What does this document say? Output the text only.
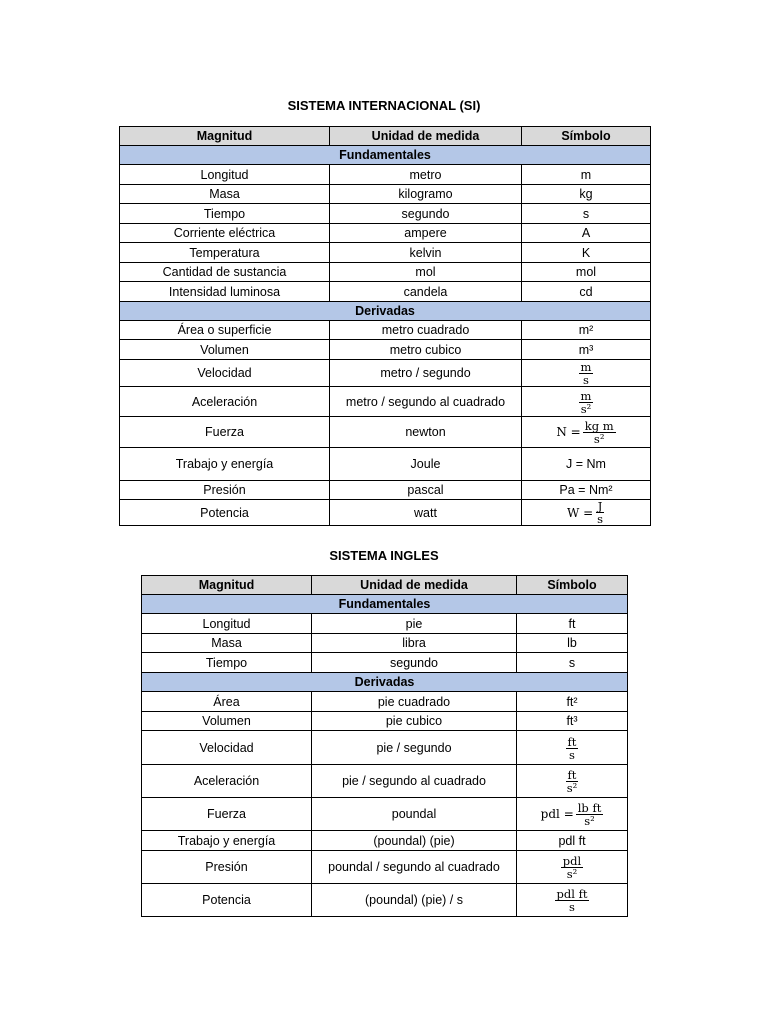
SISTEMA INTERNACIONAL (SI)
Magnitud	Unidad de medida	Símbolo
Fundamentales		
Longitud	metro	m
Masa	kilogramo	kg
Tiempo	segundo	s
Corriente eléctrica	ampere	A
Temperatura	kelvin	K
Cantidad de sustancia	mol	mol
Intensidad luminosa	candela	cd
Derivadas		
Área o superficie	metro cuadrado	m²
Volumen	metro cubico	m³
Velocidad	metro / segundo	$\frac{m}{s}$

Aceleración	metro / segundo al cuadrado	$\frac{m}{\text{s²}}$

Fuerza	newton	$N = \frac{\text{kg m}}{\text{s²}}$

Trabajo y energía	Joule	J = Nm
Presión	pascal	Pa = Nm²
Potencia	watt	$W = \frac{J}{s}$
SISTEMA INGLES
Magnitud	Unidad de medida	Símbolo
Fundamentales		
Longitud	pie	ft
Masa	libra	lb
Tiempo	segundo	s
Derivadas		
Área	pie cuadrado	ft²
Volumen	pie cubico	ft³
Velocidad	pie / segundo	$\frac{ft}{s}$

Aceleración	pie / segundo al cuadrado	$\frac{ft}{\text{s²}}$

Fuerza	poundal	pdl = $\frac{\text{lb ft}}{\text{s²}}$

Trabajo y energía	(poundal) (pie)	pdl ft
Presión	poundal / segundo al cuadrado	$\frac{\text{pdl}}{\text{s²}}$

Potencia	(poundal) (pie) / s	$\frac{\text{pdl ft}}{s}$
